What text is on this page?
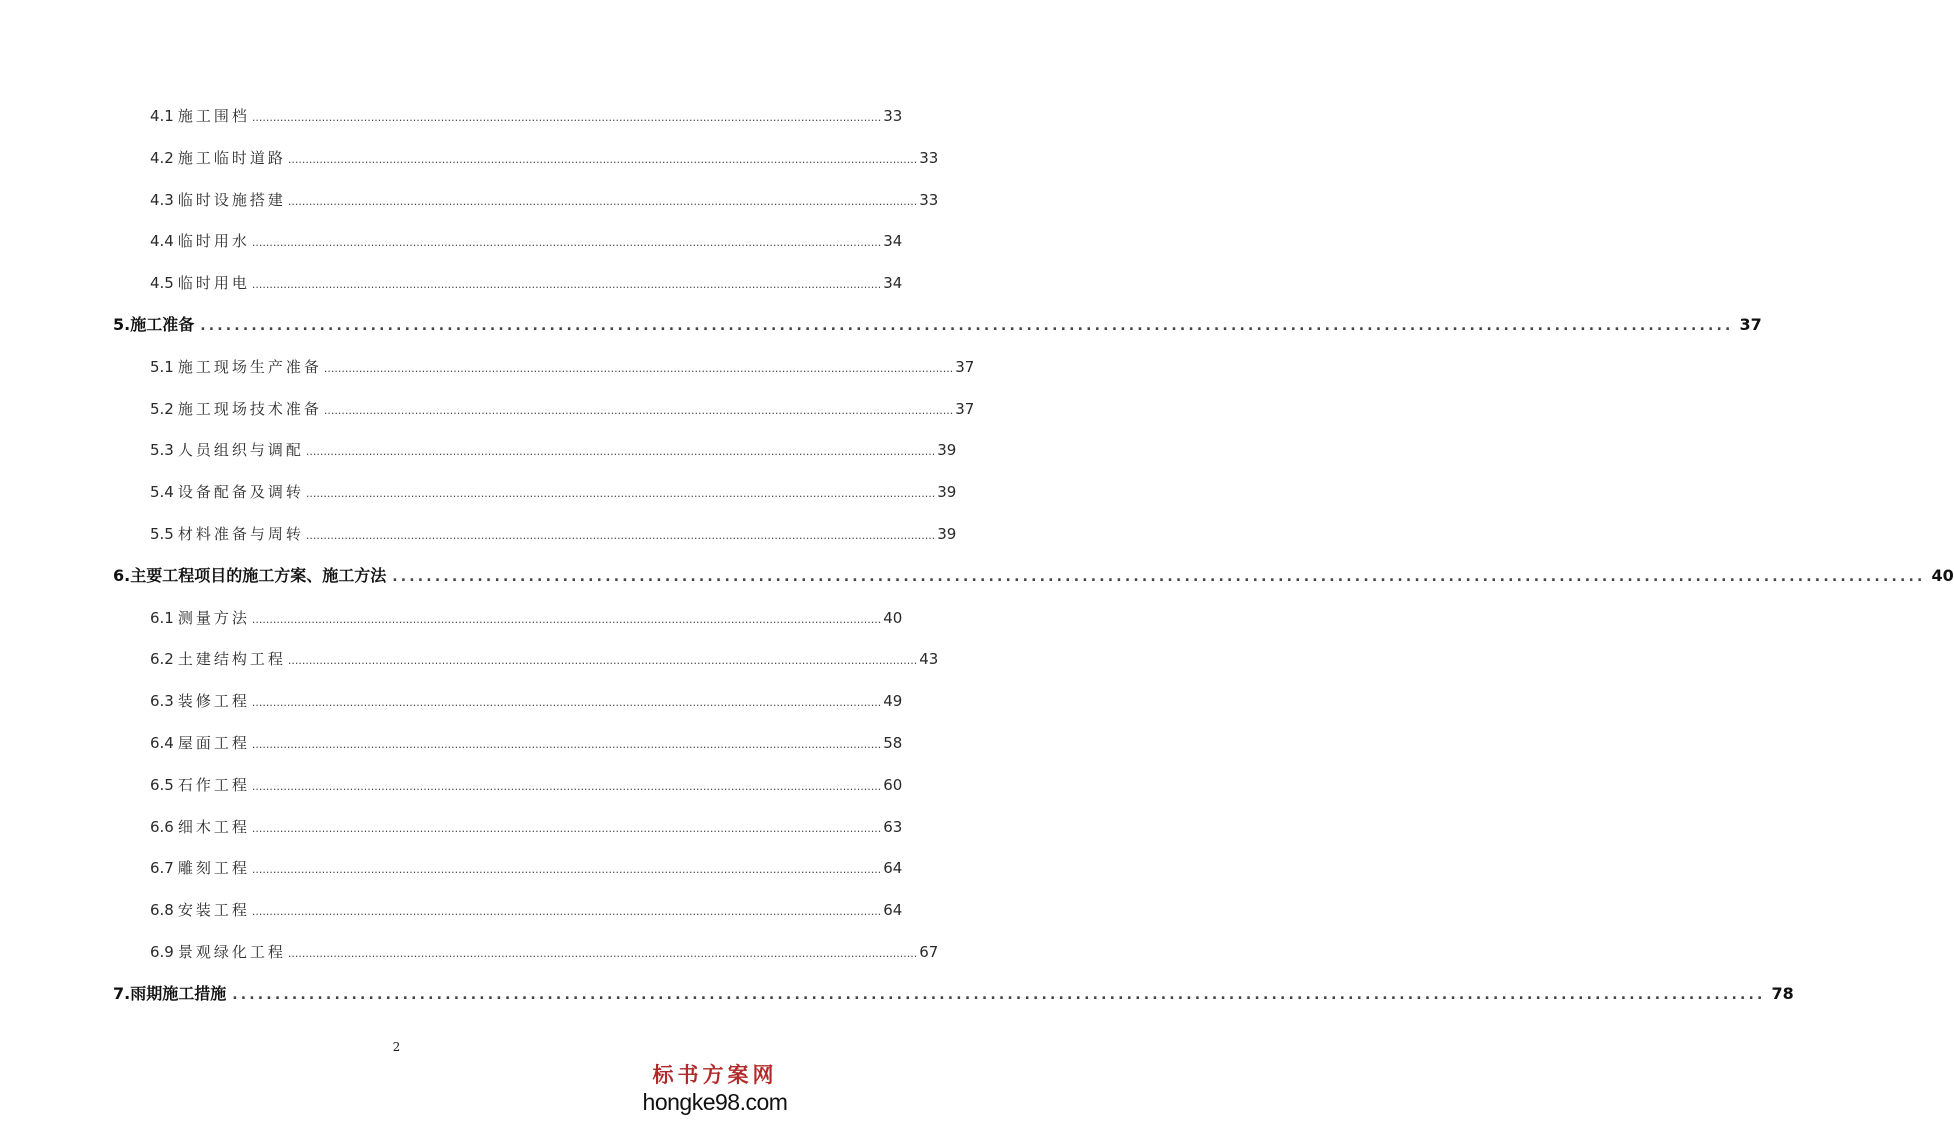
4.1 施工围档 .................................................................................................................................................................................... 33
4.2 施工临时道路 .................................................................................................................................................................................... 33
4.3 临时设施搭建 .................................................................................................................................................................................... 33
4.4 临时用水 .................................................................................................................................................................................... 34
4.5 临时用电 .................................................................................................................................................................................... 34
5.施工准备 .................................................................................................................................................................................... 37
5.1 施工现场生产准备 .................................................................................................................................................................................... 37
5.2 施工现场技术准备 .................................................................................................................................................................................... 37
5.3 人员组织与调配 .................................................................................................................................................................................... 39
5.4 设备配备及调转 .................................................................................................................................................................................... 39
5.5 材料准备与周转 .................................................................................................................................................................................... 39
6.主要工程项目的施工方案、施工方法 .................................................................................................................................................................................... 40
6.1 测量方法 .................................................................................................................................................................................... 40
6.2 土建结构工程 .................................................................................................................................................................................... 43
6.3 装修工程 .................................................................................................................................................................................... 49
6.4 屋面工程 .................................................................................................................................................................................... 58
6.5 石作工程 .................................................................................................................................................................................... 60
6.6 细木工程 .................................................................................................................................................................................... 63
6.7 雕刻工程 .................................................................................................................................................................................... 64
6.8 安装工程 .................................................................................................................................................................................... 64
6.9 景观绿化工程 .................................................................................................................................................................................... 67
7.雨期施工措施 .................................................................................................................................................................................... 78
2
标书方案网
hongke98.com
